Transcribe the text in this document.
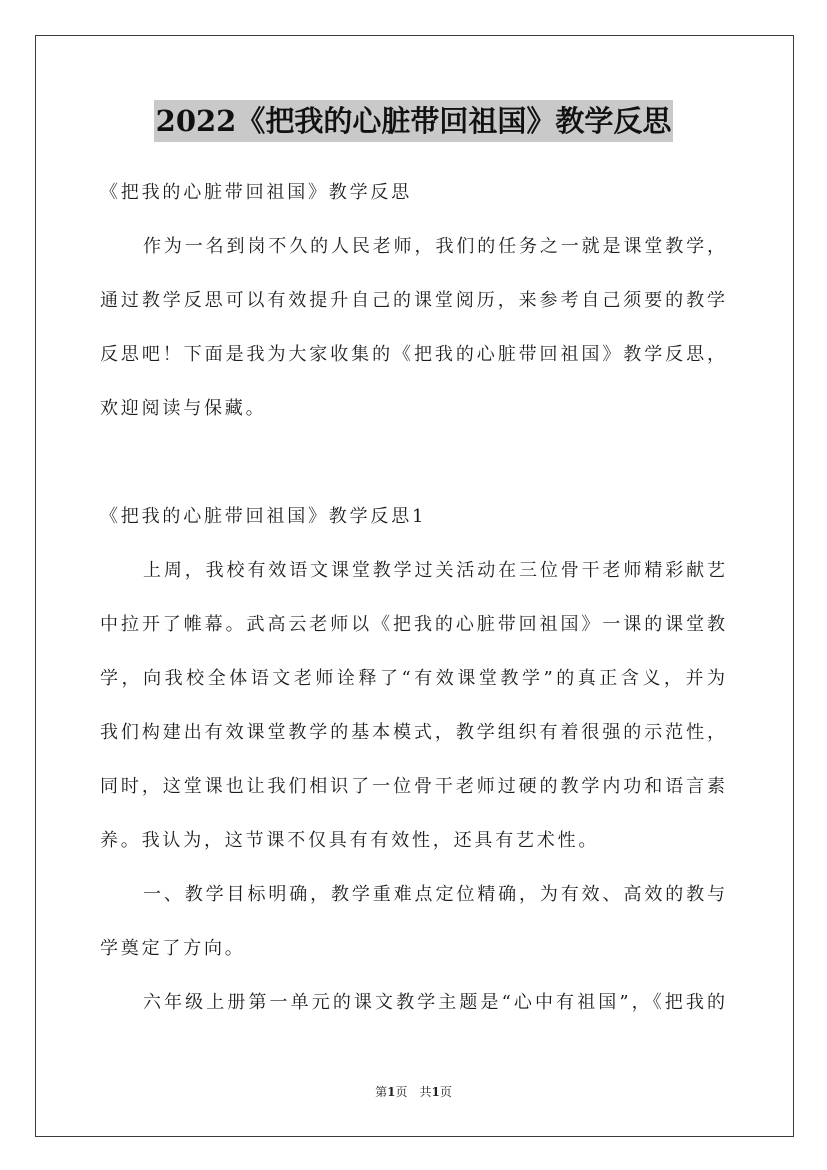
2022《把我的心脏带回祖国》教学反思
《把我的心脏带回祖国》教学反思
作为一名到岗不久的人民老师，我们的任务之一就是课堂教学，
通过教学反思可以有效提升自己的课堂阅历，来参考自己须要的教学
反思吧！下面是我为大家收集的《把我的心脏带回祖国》教学反思，
欢迎阅读与保藏。
《把我的心脏带回祖国》教学反思1
上周，我校有效语文课堂教学过关活动在三位骨干老师精彩献艺
中拉开了帷幕。武高云老师以《把我的心脏带回祖国》一课的课堂教
学，向我校全体语文老师诠释了“有效课堂教学”的真正含义，并为
我们构建出有效课堂教学的基本模式，教学组织有着很强的示范性，
同时，这堂课也让我们相识了一位骨干老师过硬的教学内功和语言素
养。我认为，这节课不仅具有有效性，还具有艺术性。
一、教学目标明确，教学重难点定位精确，为有效、高效的教与
学奠定了方向。
六年级上册第一单元的课文教学主题是“心中有祖国”，《把我的
第1页 共1页
